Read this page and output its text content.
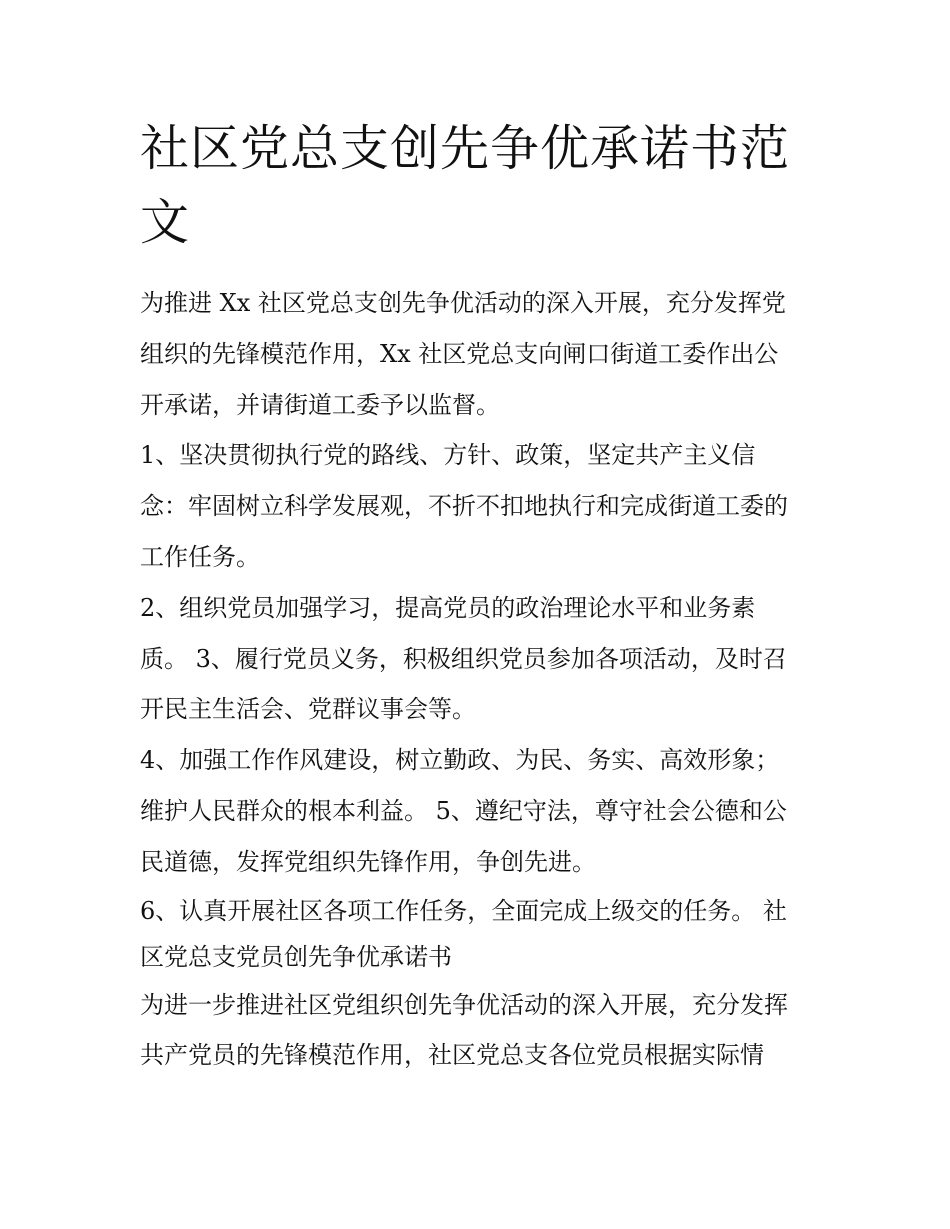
社区党总支创先争优承诺书范
文

为推进 Xx 社区党总支创先争优活动的深入开展，充分发挥党
组织的先锋模范作用，Xx 社区党总支向闸口街道工委作出公
开承诺，并请街道工委予以监督。

1、坚决贯彻执行党的路线、方针、政策，坚定共产主义信
念：牢固树立科学发展观，不折不扣地执行和完成街道工委的
工作任务。

2、组织党员加强学习，提高党员的政治理论水平和业务素
质。 3、履行党员义务，积极组织党员参加各项活动，及时召
开民主生活会、党群议事会等。

4、加强工作作风建设，树立勤政、为民、务实、高效形象；
维护人民群众的根本利益。 5、遵纪守法，尊守社会公德和公
民道德，发挥党组织先锋作用，争创先进。

6、认真开展社区各项工作任务，全面完成上级交的任务。 社
区党总支党员创先争优承诺书

为进一步推进社区党组织创先争优活动的深入开展，充分发挥
共产党员的先锋模范作用，社区党总支各位党员根据实际情
